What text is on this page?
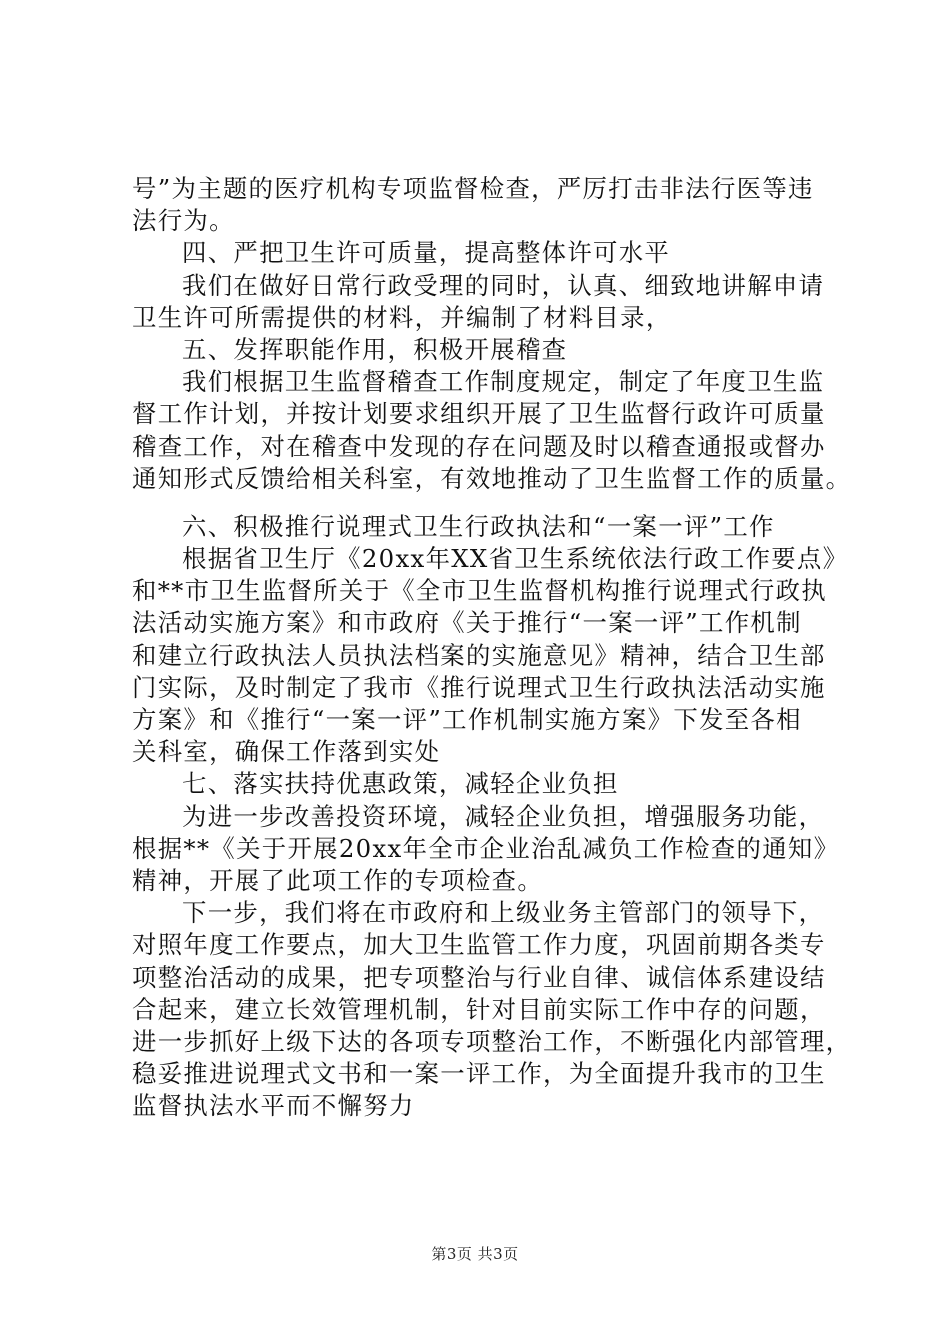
号”为主题的医疗机构专项监督检查，严厉打击非法行医等违
法行为。
四、严把卫生许可质量，提高整体许可水平
我们在做好日常行政受理的同时，认真、细致地讲解申请
卫生许可所需提供的材料，并编制了材料目录，
五、发挥职能作用，积极开展稽查
我们根据卫生监督稽查工作制度规定，制定了年度卫生监
督工作计划，并按计划要求组织开展了卫生监督行政许可质量
稽查工作，对在稽查中发现的存在问题及时以稽查通报或督办
通知形式反馈给相关科室，有效地推动了卫生监督工作的质量。
六、积极推行说理式卫生行政执法和“一案一评”工作
根据省卫生厅《20xx年XX省卫生系统依法行政工作要点》
和**市卫生监督所关于《全市卫生监督机构推行说理式行政执
法活动实施方案》和市政府《关于推行“一案一评”工作机制
和建立行政执法人员执法档案的实施意见》精神，结合卫生部
门实际，及时制定了我市《推行说理式卫生行政执法活动实施
方案》和《推行“一案一评”工作机制实施方案》下发至各相
关科室，确保工作落到实处
七、落实扶持优惠政策，减轻企业负担
为进一步改善投资环境，减轻企业负担，增强服务功能，
根据**《关于开展20xx年全市企业治乱减负工作检查的通知》
精神，开展了此项工作的专项检查。
下一步，我们将在市政府和上级业务主管部门的领导下，
对照年度工作要点，加大卫生监管工作力度，巩固前期各类专
项整治活动的成果，把专项整治与行业自律、诚信体系建设结
合起来，建立长效管理机制，针对目前实际工作中存的问题，
进一步抓好上级下达的各项专项整治工作，不断强化内部管理，
稳妥推进说理式文书和一案一评工作，为全面提升我市的卫生
监督执法水平而不懈努力
第3页 共3页
